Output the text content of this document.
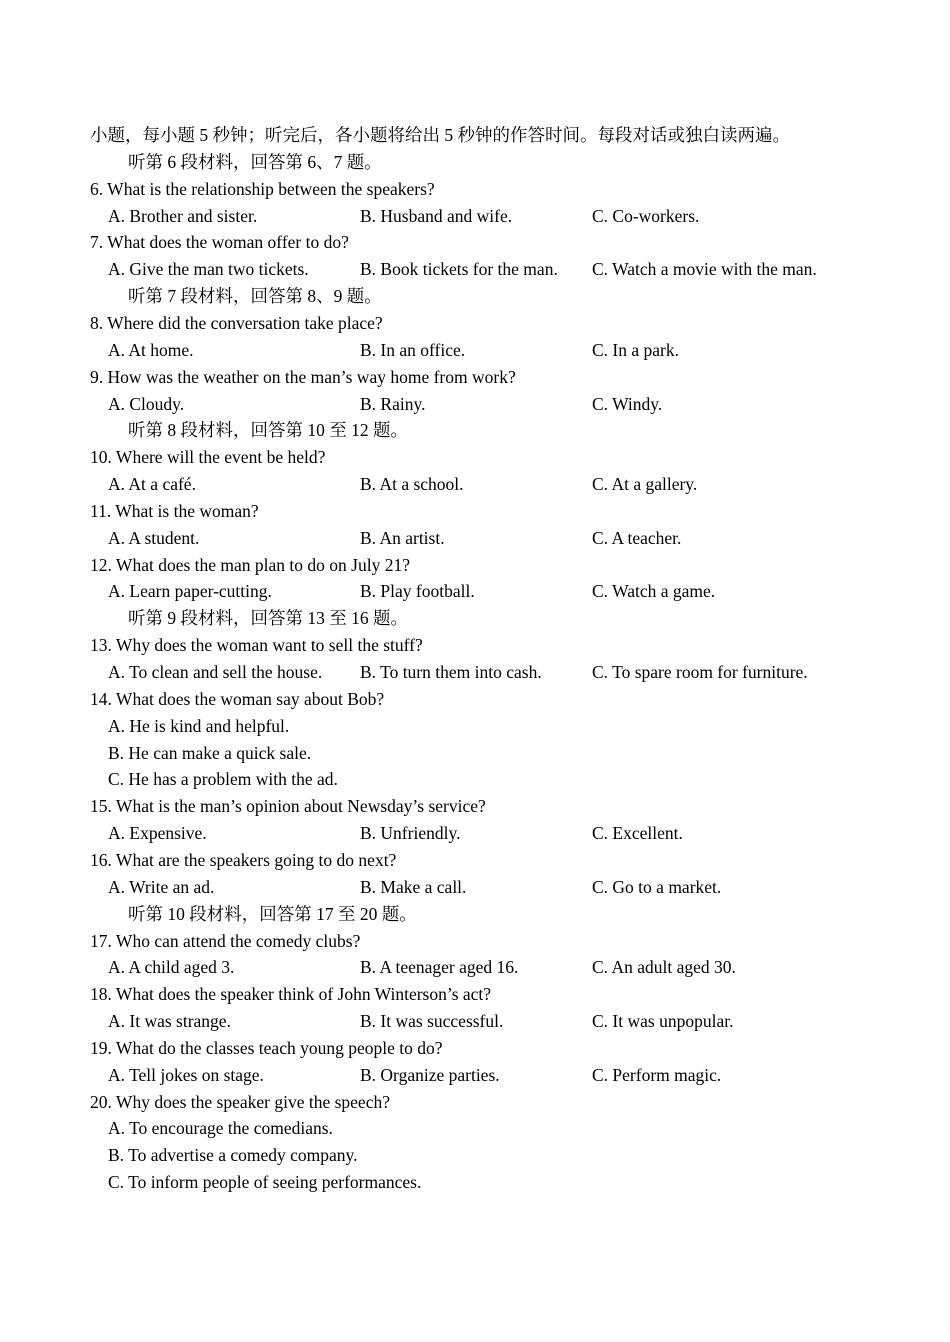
小题，每小题 5 秒钟；听完后，各小题将给出 5 秒钟的作答时间。每段对话或独白读两遍。
听第 6 段材料，回答第 6、7 题。
6. What is the relationship between the speakers?
A. Brother and sister.	B. Husband and wife.	C. Co-workers.
7. What does the woman offer to do?
A. Give the man two tickets.	B. Book tickets for the man. C. Watch a movie with the man.
听第 7 段材料，回答第 8、9 题。
8. Where did the conversation take place?
A. At home.	B. In an office.	C. In a park.
9. How was the weather on the man’s way home from work?
A. Cloudy.	B. Rainy.	C. Windy.
听第 8 段材料，回答第 10 至 12 题。
10. Where will the event be held?
A. At a café.	B. At a school.	C. At a gallery.
11. What is the woman?
A. A student.	B. An artist.	C. A teacher.
12. What does the man plan to do on July 21?
A. Learn paper-cutting.	B. Play football.	C. Watch a game.
听第 9 段材料，回答第 13 至 16 题。
13. Why does the woman want to sell the stuff?
A. To clean and sell the house. B. To turn them into cash.	C. To spare room for furniture.
14. What does the woman say about Bob?
A. He is kind and helpful.
B. He can make a quick sale.
C. He has a problem with the ad.
15. What is the man’s opinion about Newsday’s service?
A. Expensive.	B. Unfriendly.	C. Excellent.
16. What are the speakers going to do next?
A. Write an ad.	B. Make a call.	C. Go to a market.
听第 10 段材料，回答第 17 至 20 题。
17. Who can attend the comedy clubs?
A. A child aged 3.	B. A teenager aged 16.	C. An adult aged 30.
18. What does the speaker think of John Winterson’s act?
A. It was strange.	B. It was successful.	C. It was unpopular.
19. What do the classes teach young people to do?
A. Tell jokes on stage.	B. Organize parties.	C. Perform magic.
20. Why does the speaker give the speech?
A. To encourage the comedians.
B. To advertise a comedy company.
C. To inform people of seeing performances.
